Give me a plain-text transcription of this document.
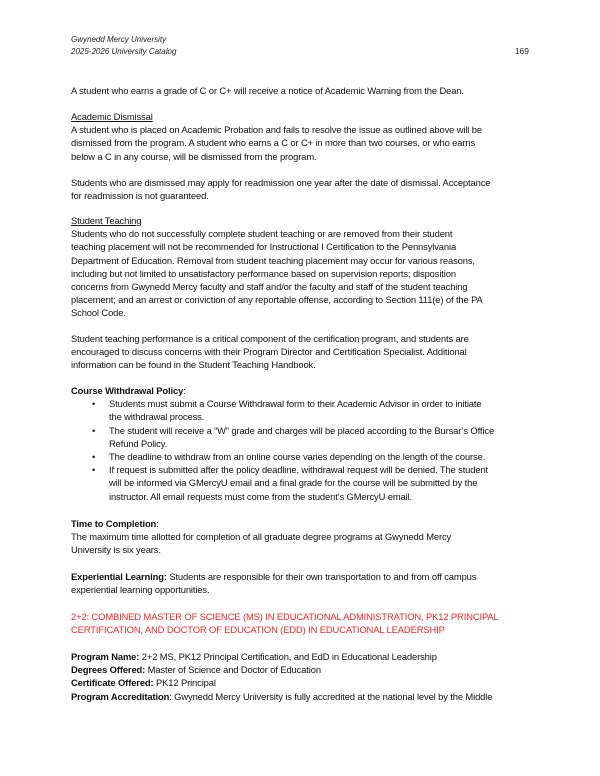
Gwynedd Mercy University
2025-2026 University Catalog	169
A student who earns a grade of C or C+ will receive a notice of Academic Warning from the Dean.
Academic Dismissal
A student who is placed on Academic Probation and fails to resolve the issue as outlined above will be
dismissed from the program. A student who earns a C or C+ in more than two courses, or who earns
below a C in any course, will be dismissed from the program.
Students who are dismissed may apply for readmission one year after the date of dismissal. Acceptance
for readmission is not guaranteed.
Student Teaching
Students who do not successfully complete student teaching or are removed from their student
teaching placement will not be recommended for Instructional I Certification to the Pennsylvania
Department of Education. Removal from student teaching placement may occur for various reasons,
including but not limited to unsatisfactory performance based on supervision reports; disposition
concerns from Gwynedd Mercy faculty and staff and/or the faculty and staff of the student teaching
placement; and an arrest or conviction of any reportable offense, according to Section 111(e) of the PA
School Code.
Student teaching performance is a critical component of the certification program, and students are
encouraged to discuss concerns with their Program Director and Certification Specialist. Additional
information can be found in the Student Teaching Handbook.
Course Withdrawal Policy:
• Students must submit a Course Withdrawal form to their Academic Advisor in order to initiate
the withdrawal process.
• The student will receive a “W” grade and charges will be placed according to the Bursar’s Office
Refund Policy.
• The deadline to withdraw from an online course varies depending on the length of the course.
• If request is submitted after the policy deadline, withdrawal request will be denied. The student
will be informed via GMercyU email and a final grade for the course will be submitted by the
instructor. All email requests must come from the student’s GMercyU email.
Time to Completion:
The maximum time allotted for completion of all graduate degree programs at Gwynedd Mercy
University is six years.
Experiential Learning: Students are responsible for their own transportation to and from off campus
experiential learning opportunities.
2+2: COMBINED MASTER OF SCIENCE (MS) IN EDUCATIONAL ADMINISTRATION, PK12 PRINCIPAL
CERTIFICATION, AND DOCTOR OF EDUCATION (EDD) IN EDUCATIONAL LEADERSHIP
Program Name: 2+2 MS, PK12 Principal Certification, and EdD in Educational Leadership
Degrees Offered: Master of Science and Doctor of Education
Certificate Offered: PK12 Principal
Program Accreditation: Gwynedd Mercy University is fully accredited at the national level by the Middle
